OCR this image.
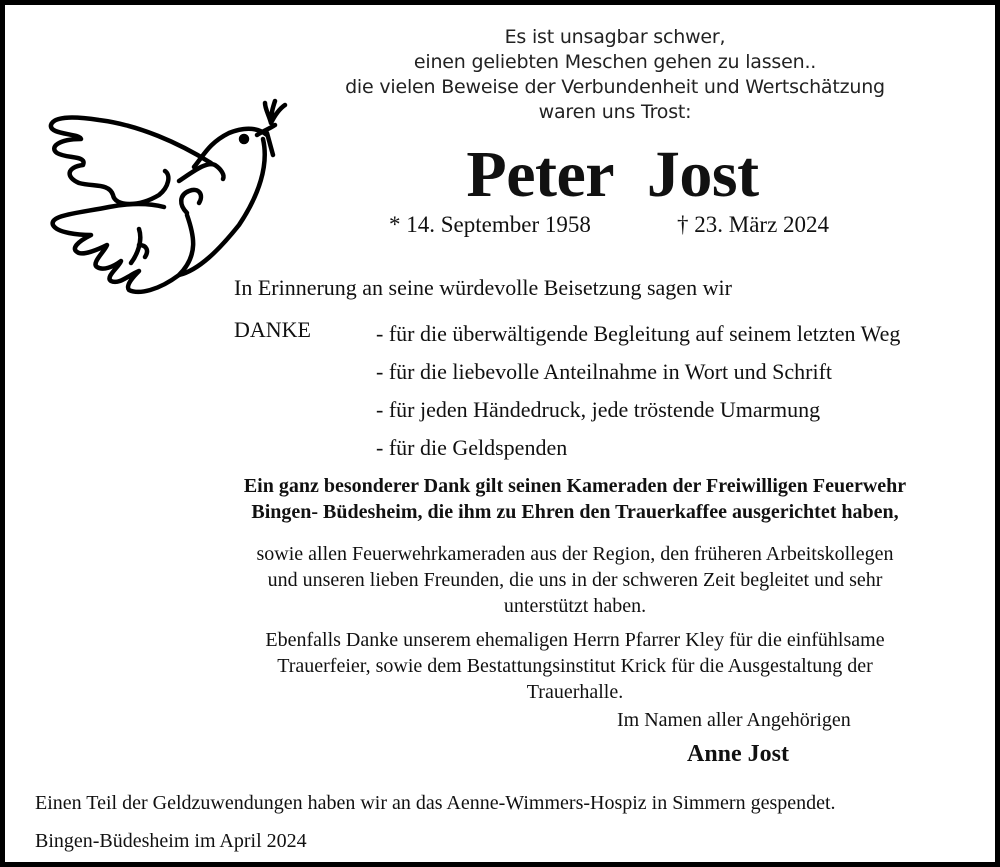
Es ist unsagbar schwer,
einen geliebten Meschen gehen zu lassen..
die vielen Beweise der Verbundenheit und Wertschätzung
waren uns Trost:
Peter Jost
* 14. September 1958	† 23. März 2024
In Erinnerung an seine würdevolle Beisetzung sagen wir
DANKE	- für die überwältigende Begleitung auf seinem letzten Weg
- für die liebevolle Anteilnahme in Wort und Schrift
- für jeden Händedruck, jede tröstende Umarmung
- für die Geldspenden
Ein ganz besonderer Dank gilt seinen Kameraden der Freiwilligen Feuerwehr
Bingen- Büdesheim, die ihm zu Ehren den Trauerkaffee ausgerichtet haben,
sowie allen Feuerwehrkameraden aus der Region, den früheren Arbeitskollegen
und unseren lieben Freunden, die uns in der schweren Zeit begleitet und sehr
unterstützt haben.
Ebenfalls Danke unserem ehemaligen Herrn Pfarrer Kley für die einfühlsame
Trauerfeier, sowie dem Bestattungsinstitut Krick für die Ausgestaltung der
Trauerhalle.
Im Namen aller Angehörigen
Anne Jost
Einen Teil der Geldzuwendungen haben wir an das Aenne-Wimmers-Hospiz in Simmern gespendet.
Bingen-Büdesheim im April 2024
